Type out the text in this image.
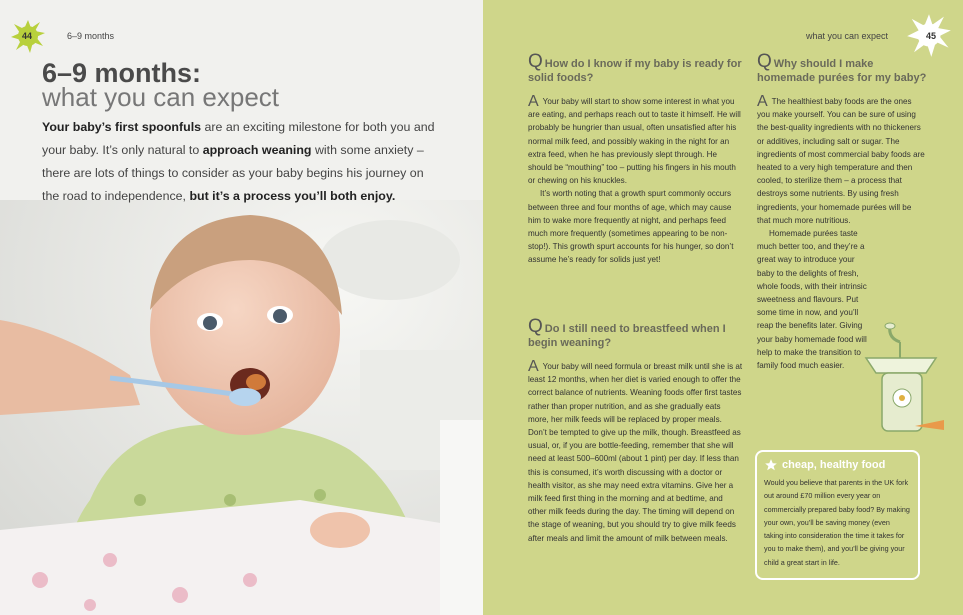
44	6–9 months
6–9 months:
what you can expect
Your baby’s first spoonfuls are an exciting milestone for both you and your baby. It’s only natural to approach weaning with some anxiety – there are lots of things to consider as your baby begins his journey on the road to independence, but it’s a process you’ll both enjoy.
45
what you can expect
Q How do I know if my baby is ready for solid foods?

A Your baby will start to show some interest in what you are eating, and perhaps reach out to taste it himself. He will probably be hungrier than usual, often unsatisfied after his normal milk feed, and possibly waking in the night for an extra feed, when he has previously slept through. He should be “mouthing” too – putting his fingers in his mouth or chewing on his knuckles.

It’s worth noting that a growth spurt commonly occurs between three and four months of age, which may cause him to wake more frequently at night, and perhaps feed much more frequently (sometimes appearing to be non-stop!). This growth spurt accounts for his hunger, so don’t assume he’s ready for solids just yet!

Q Do I still need to breastfeed when I begin weaning?

A Your baby will need formula or breast milk until she is at least 12 months, when her diet is varied enough to offer the correct balance of nutrients. Weaning foods offer first tastes rather than proper nutrition, and as she gradually eats more, her milk feeds will be replaced by proper meals. Don’t be tempted to give up the milk, though. Breastfeed as usual, or, if you are bottle-feeding, remember that she will need at least 500–600ml (about 1 pint) per day. If less than this is consumed, it’s worth discussing with a doctor or health visitor, as she may need extra vitamins. Give her a milk feed first thing in the morning and at bedtime, and other milk feeds during the day. The timing will depend on the stage of weaning, but you should try to give milk feeds after meals and limit the amount of milk between meals.

Q Why should I make homemade purées for my baby?

A The healthiest baby foods are the ones you make yourself. You can be sure of using the best-quality ingredients with no thickeners or additives, including salt or sugar. The ingredients of most commercial baby foods are heated to a very high temperature and then cooled, to sterilize them – a process that destroys some nutrients. By using fresh ingredients, your homemade purées will be that much more nutritious.

Homemade purées taste much better too, and they’re a great way to introduce your baby to the delights of fresh, whole foods, with their intrinsic sweetness and flavours. Put some time in now, and you’ll reap the benefits later. Giving your baby homemade food will help to make the transition to family food much easier.

cheap, healthy food
Would you believe that parents in the UK fork out around £70 million every year on commercially prepared baby food? By making your own, you’ll be saving money (even taking into consideration the time it takes for you to make them), and you’ll be giving your child a great start in life.
